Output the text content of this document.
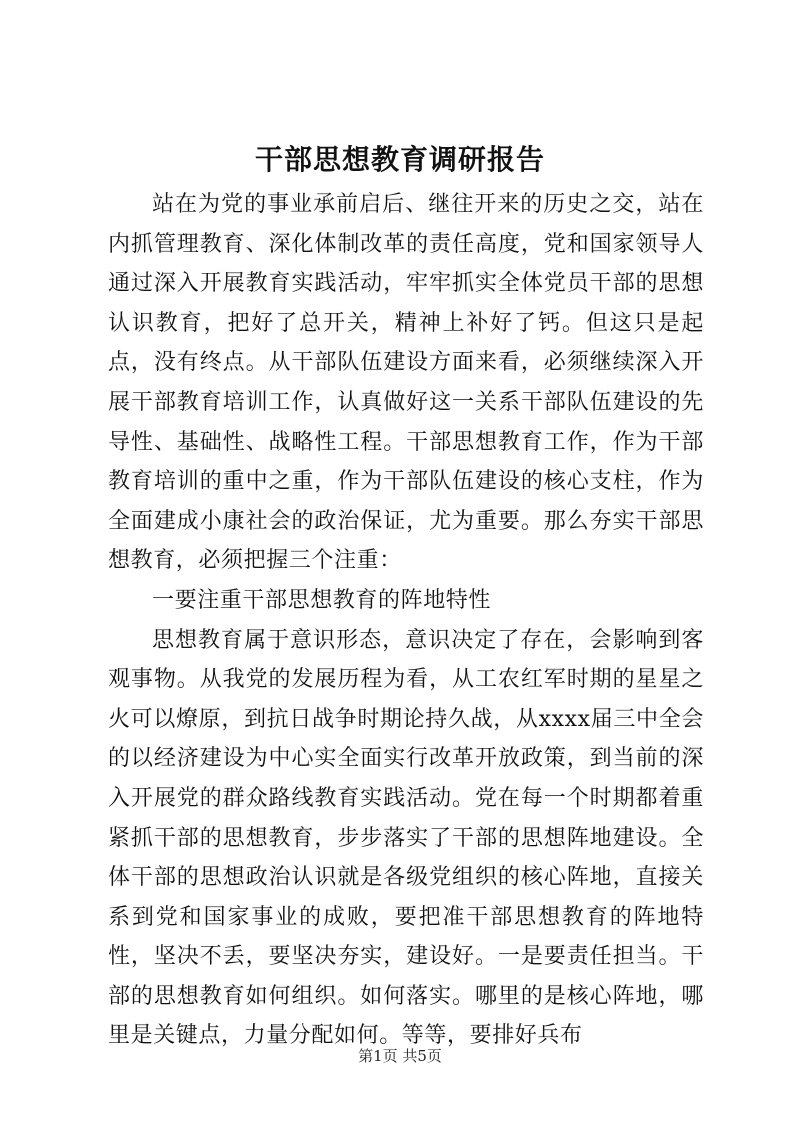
干部思想教育调研报告

站在为党的事业承前启后、继往开来的历史之交，站在内抓管理教育、深化体制改革的责任高度，党和国家领导人通过深入开展教育实践活动，牢牢抓实全体党员干部的思想认识教育，把好了总开关，精神上补好了钙。但这只是起点，没有终点。从干部队伍建设方面来看，必须继续深入开展干部教育培训工作，认真做好这一关系干部队伍建设的先导性、基础性、战略性工程。干部思想教育工作，作为干部教育培训的重中之重，作为干部队伍建设的核心支柱，作为全面建成小康社会的政治保证，尤为重要。那么夯实干部思想教育，必须把握三个注重：

一要注重干部思想教育的阵地特性

思想教育属于意识形态，意识决定了存在，会影响到客观事物。从我党的发展历程为看，从工农红军时期的星星之火可以燎原，到抗日战争时期论持久战，从xxxx届三中全会的以经济建设为中心实全面实行改革开放政策，到当前的深入开展党的群众路线教育实践活动。党在每一个时期都着重紧抓干部的思想教育，步步落实了干部的思想阵地建设。全体干部的思想政治认识就是各级党组织的核心阵地，直接关系到党和国家事业的成败，要把准干部思想教育的阵地特性，坚决不丢，要坚决夯实，建设好。一是要责任担当。干部的思想教育如何组织。如何落实。哪里的是核心阵地，哪里是关键点，力量分配如何。等等，要排好兵布

第1页 共5页
